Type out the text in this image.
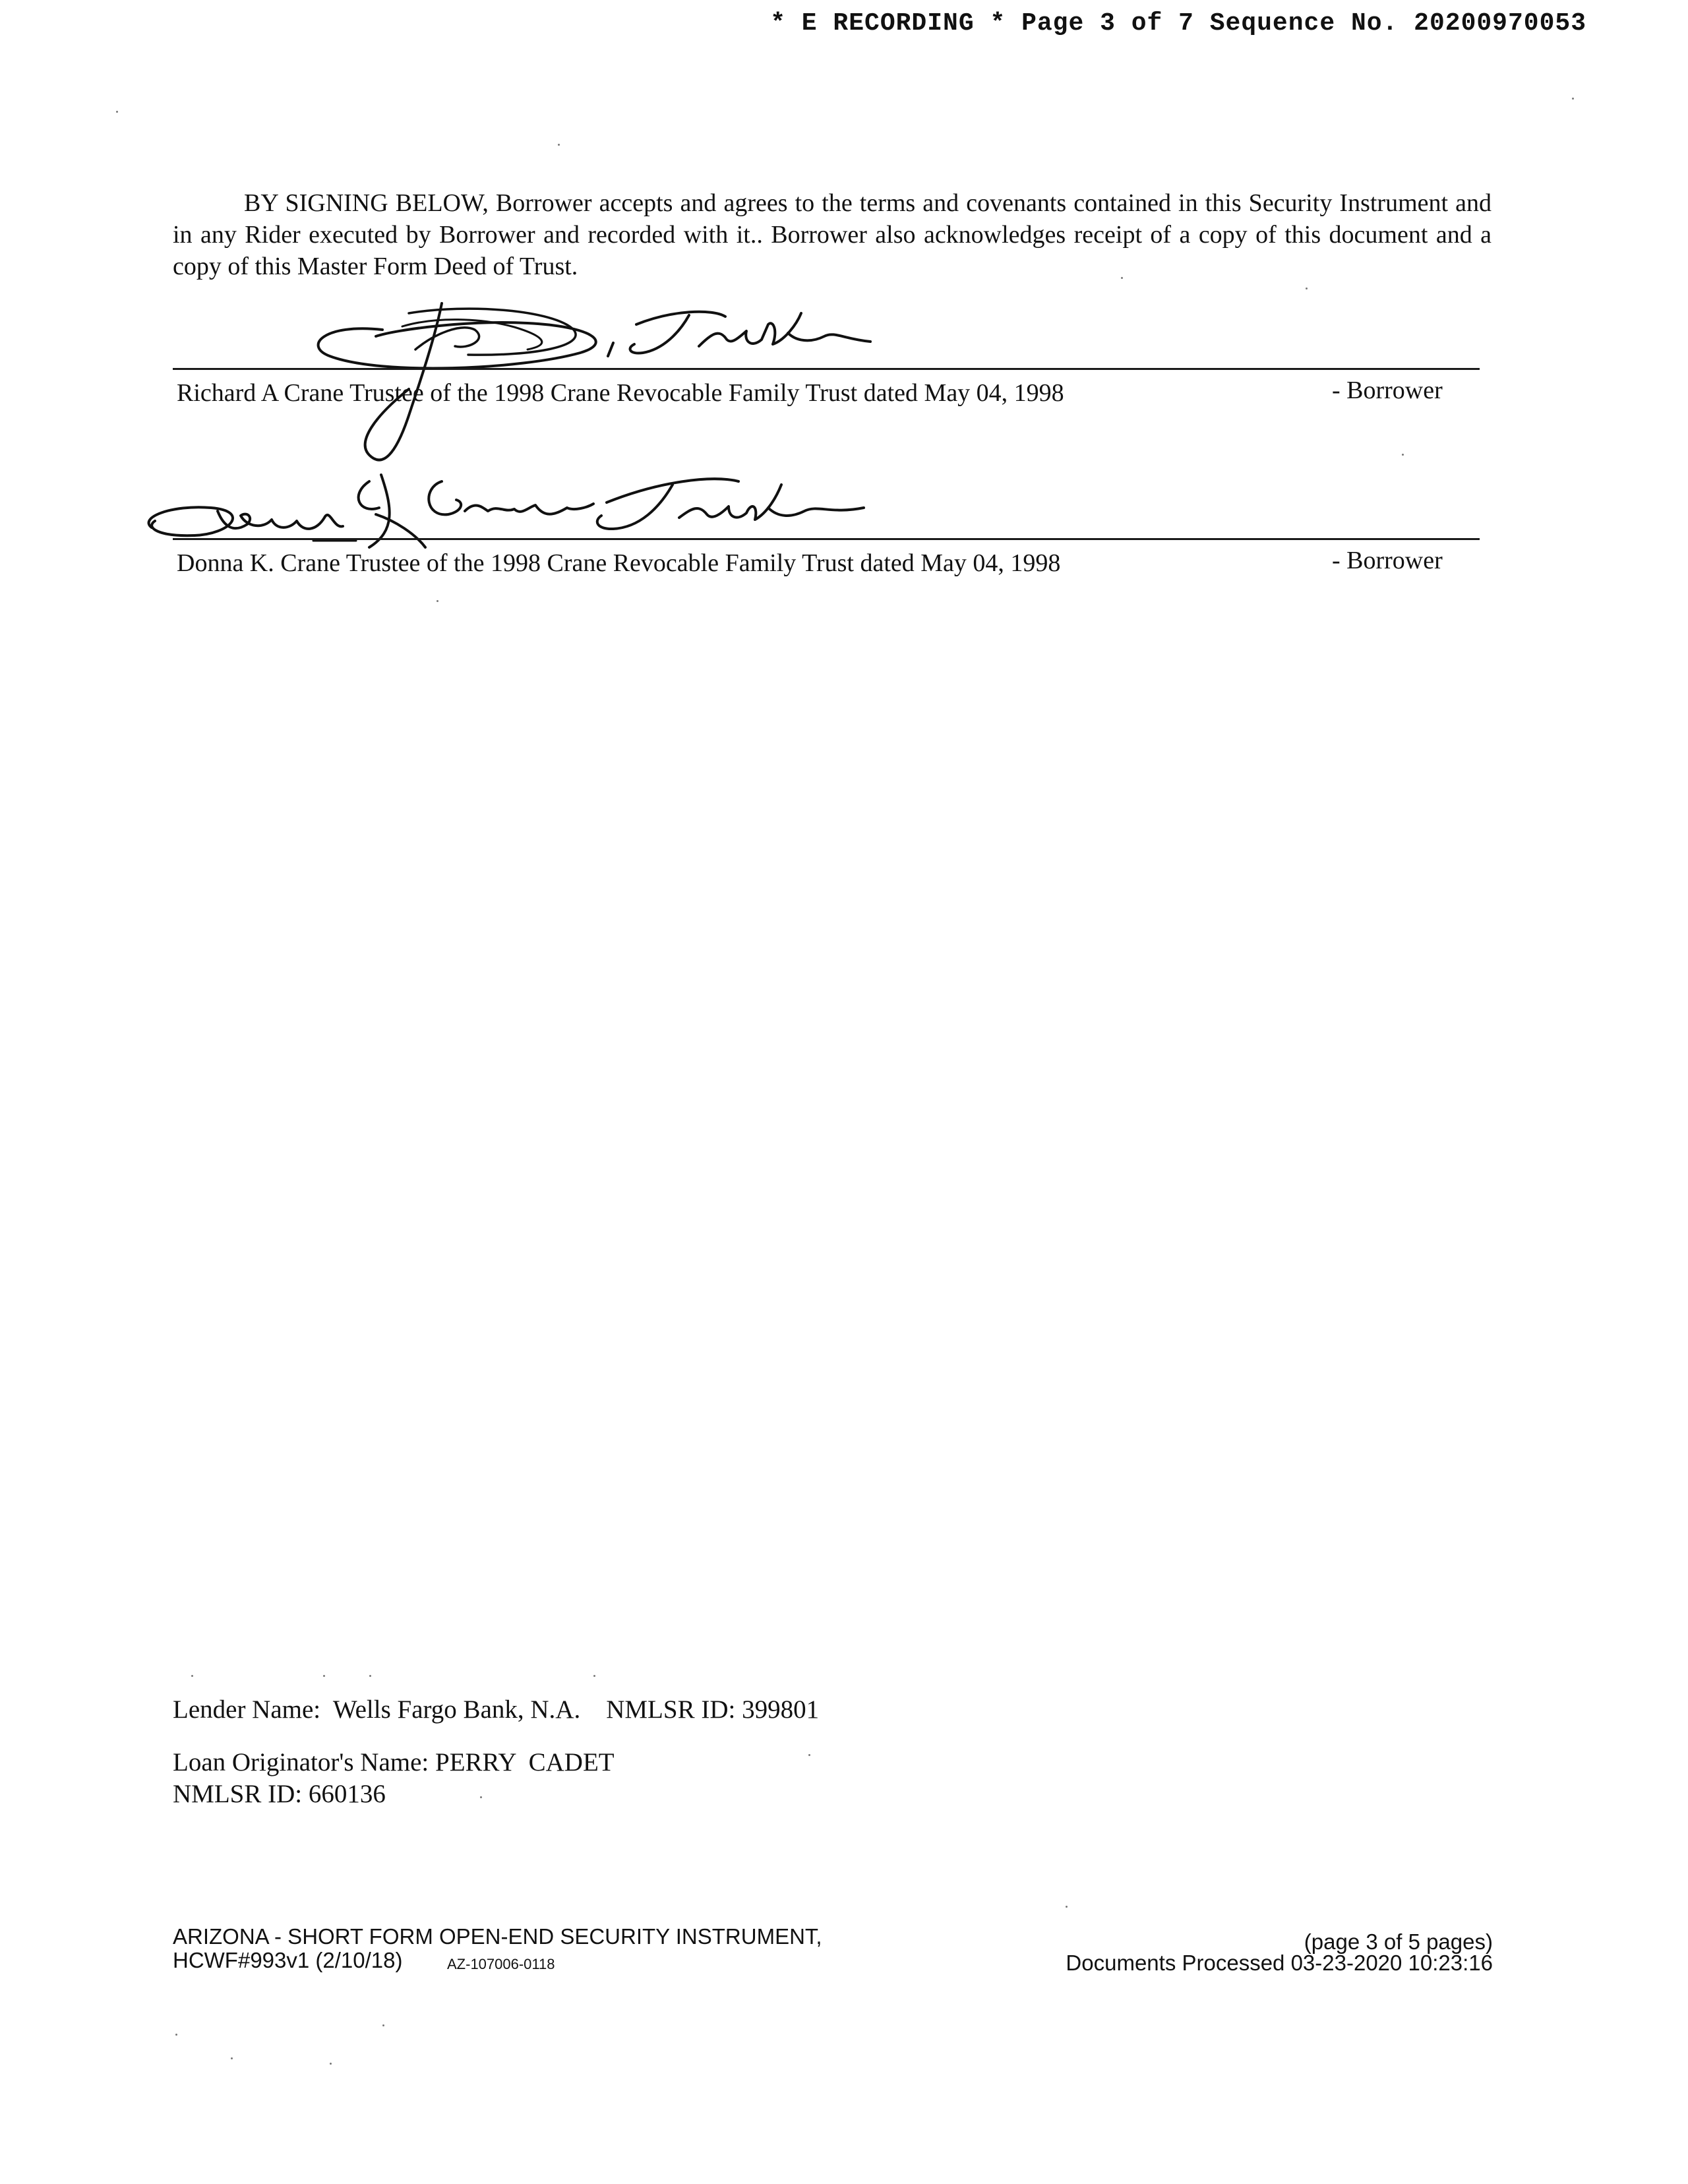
* E RECORDING * Page 3 of 7 Sequence No. 20200970053
BY SIGNING BELOW, Borrower accepts and agrees to the terms and covenants contained in this Security Instrument and in any Rider executed by Borrower and recorded with it.. Borrower also acknowledges receipt of a copy of this document and a copy of this Master Form Deed of Trust.
Richard A Crane Trustee of the 1998 Crane Revocable Family Trust dated May 04, 1998	- Borrower
Donna K. Crane Trustee of the 1998 Crane Revocable Family Trust dated May 04, 1998	- Borrower
Lender Name:  Wells Fargo Bank, N.A.    NMLSR ID: 399801
Loan Originator's Name: PERRY  CADET
NMLSR ID: 660136
ARIZONA - SHORT FORM OPEN-END SECURITY INSTRUMENT,
HCWF#993v1 (2/10/18)	AZ-107006-0118
(page 3 of 5 pages)
Documents Processed 03-23-2020 10:23:16
